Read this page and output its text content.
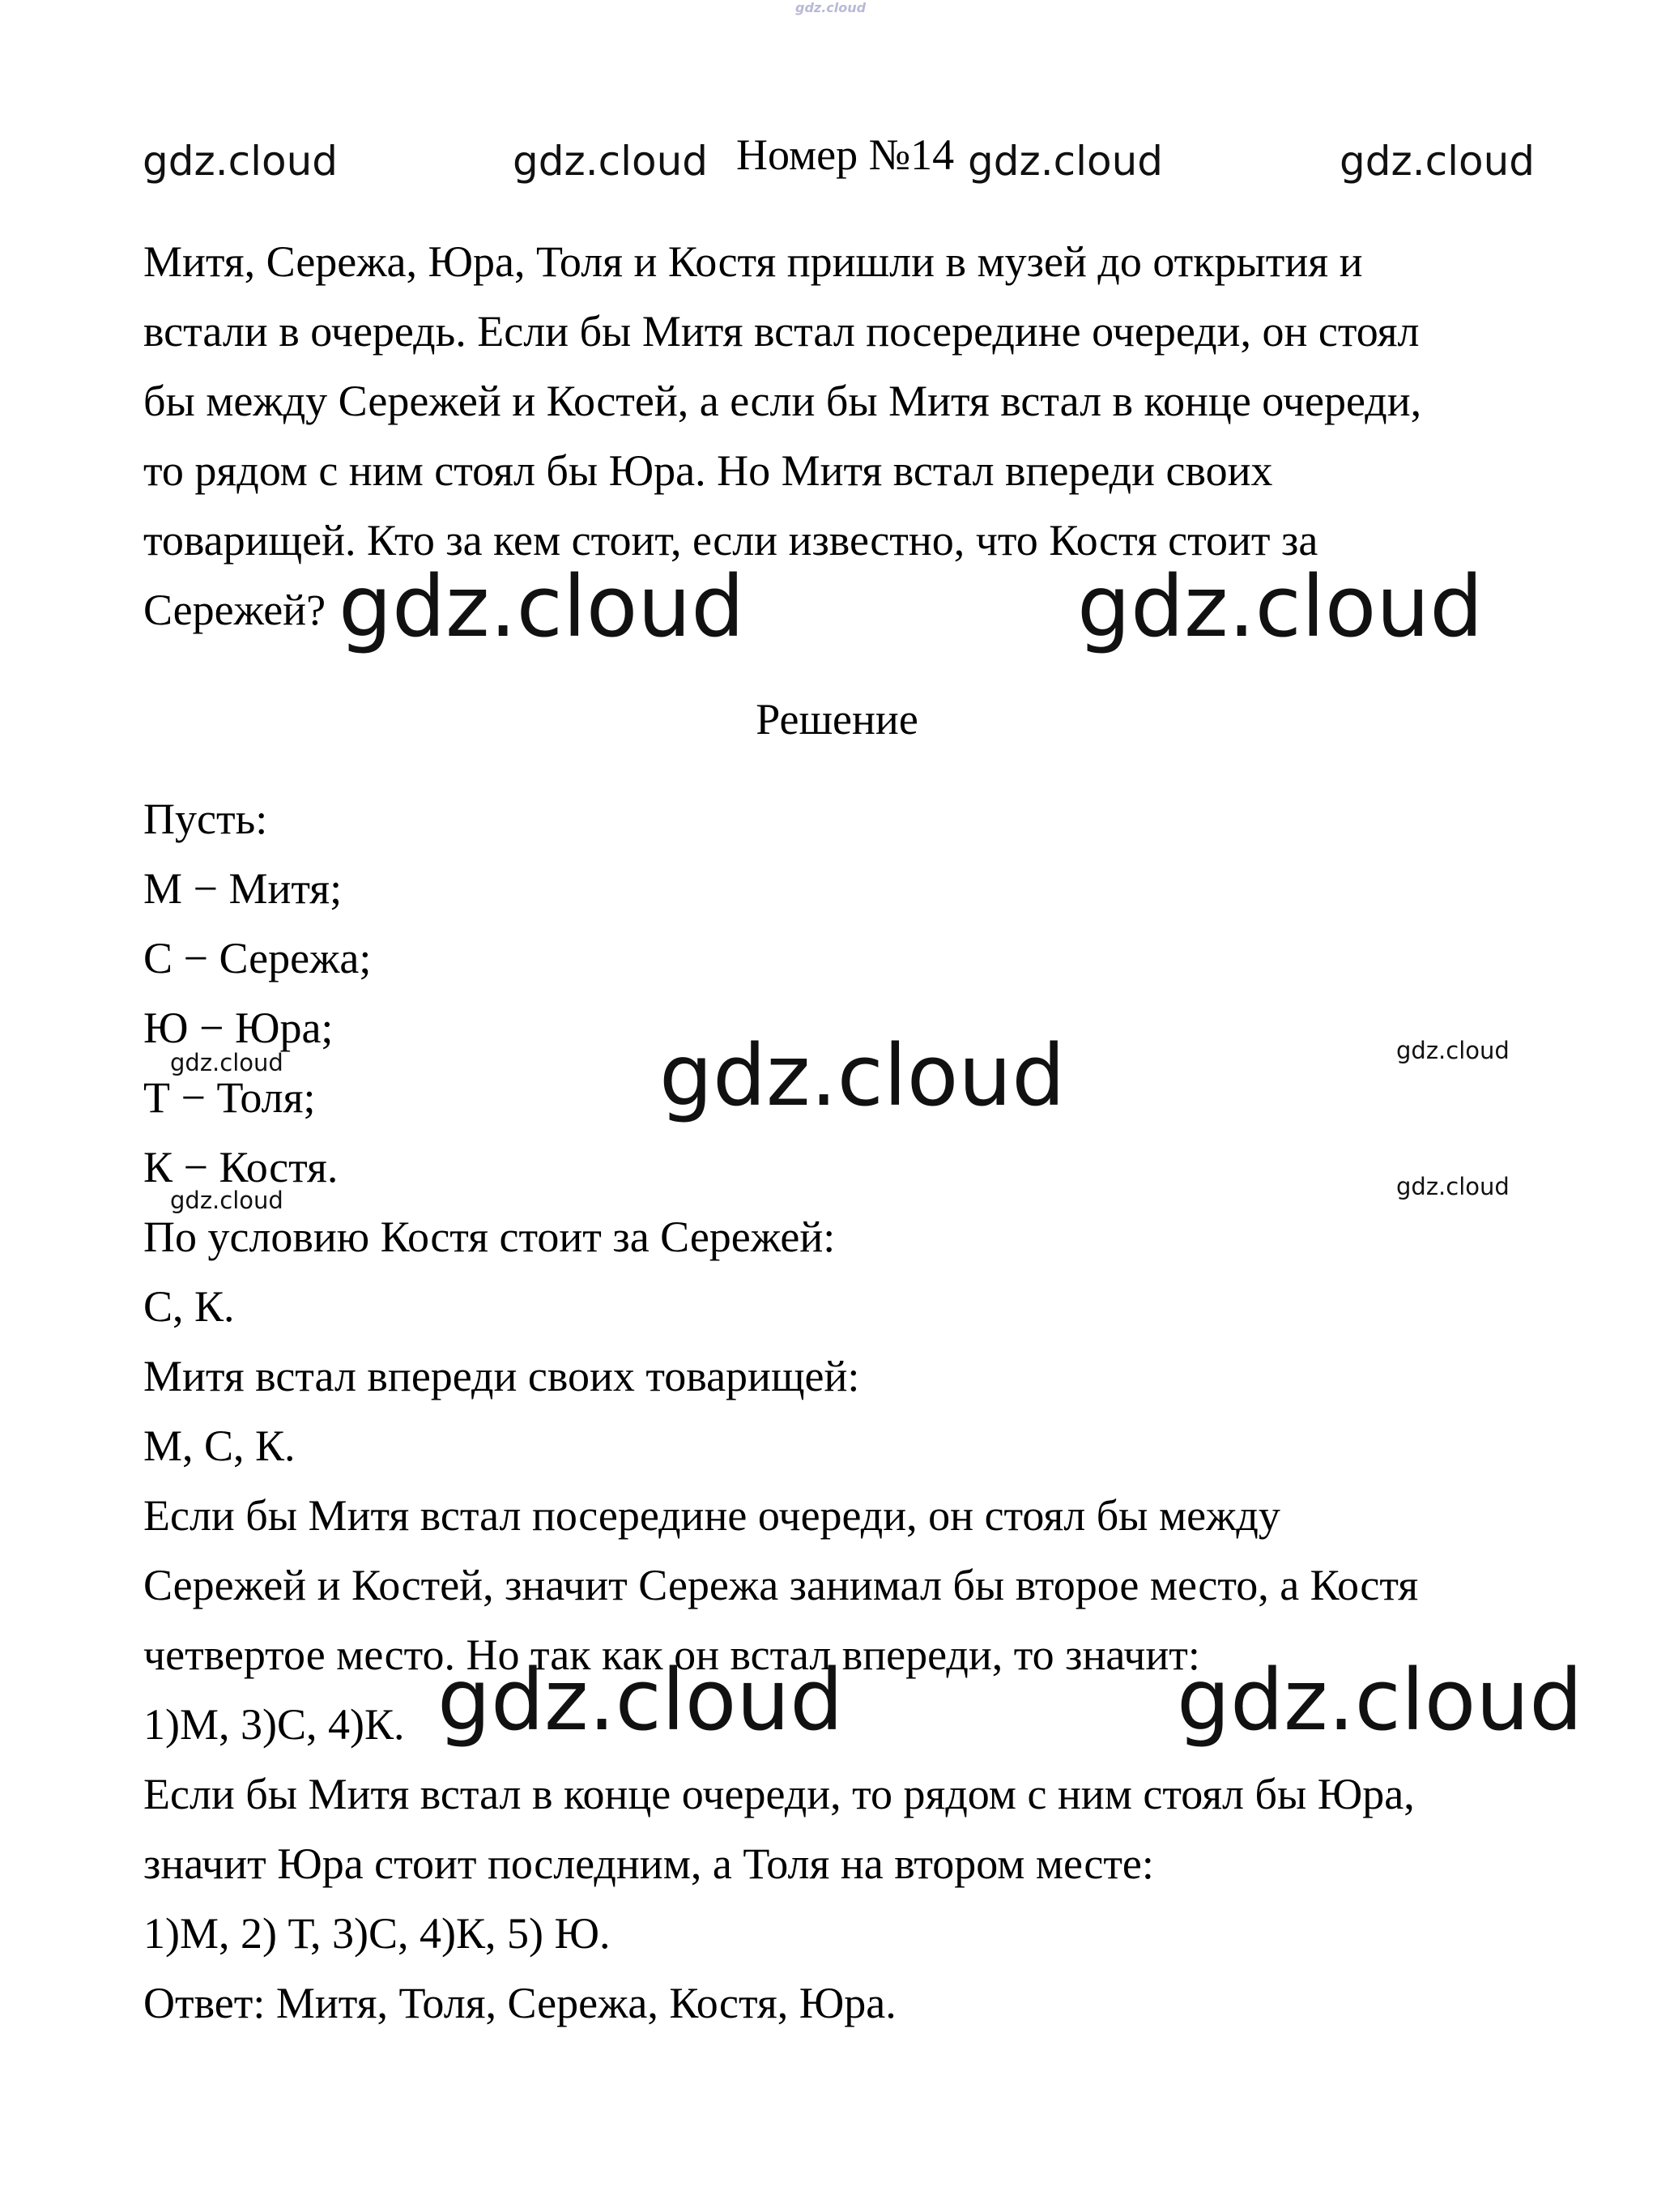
gdz.cloud
gdz.cloud	gdz.cloud Номер №14 gdz.cloud	gdz.cloud
Митя, Сережа, Юра, Толя и Костя пришли в музей до открытия и
встали в очередь. Если бы Митя встал посередине очереди, он стоял
бы между Сережей и Костей, а если бы Митя встал в конце очереди,
то рядом с ним стоял бы Юра. Но Митя встал впереди своих
товарищей. Кто за кем стоит, если известно, что Костя стоит за
Сережей? gdz.cloud	gdz.cloud
Решение
Пусть:
М − Митя;
С − Сережа;
Ю − Юра;
Т − Толя;
К − Костя.
По условию Костя стоит за Сережей:
С, К.
Митя встал впереди своих товарищей:
М, С, К.
Если бы Митя встал посередине очереди, он стоял бы между
Сережей и Костей, значит Сережа занимал бы второе место, а Костя
четвертое место. Но так как он встал впереди, то значит:
1)М, 3)С, 4)К.
Если бы Митя встал в конце очереди, то рядом с ним стоял бы Юра,
значит Юра стоит последним, а Толя на втором месте:
1)М, 2) Т, 3)С, 4)К, 5) Ю.
Ответ: Митя, Толя, Сережа, Костя, Юра.
gdz.cloud	gdz.cloud	gdz.cloud
gdz.cloud	gdz.cloud
gdz.cloud	gdz.cloud
